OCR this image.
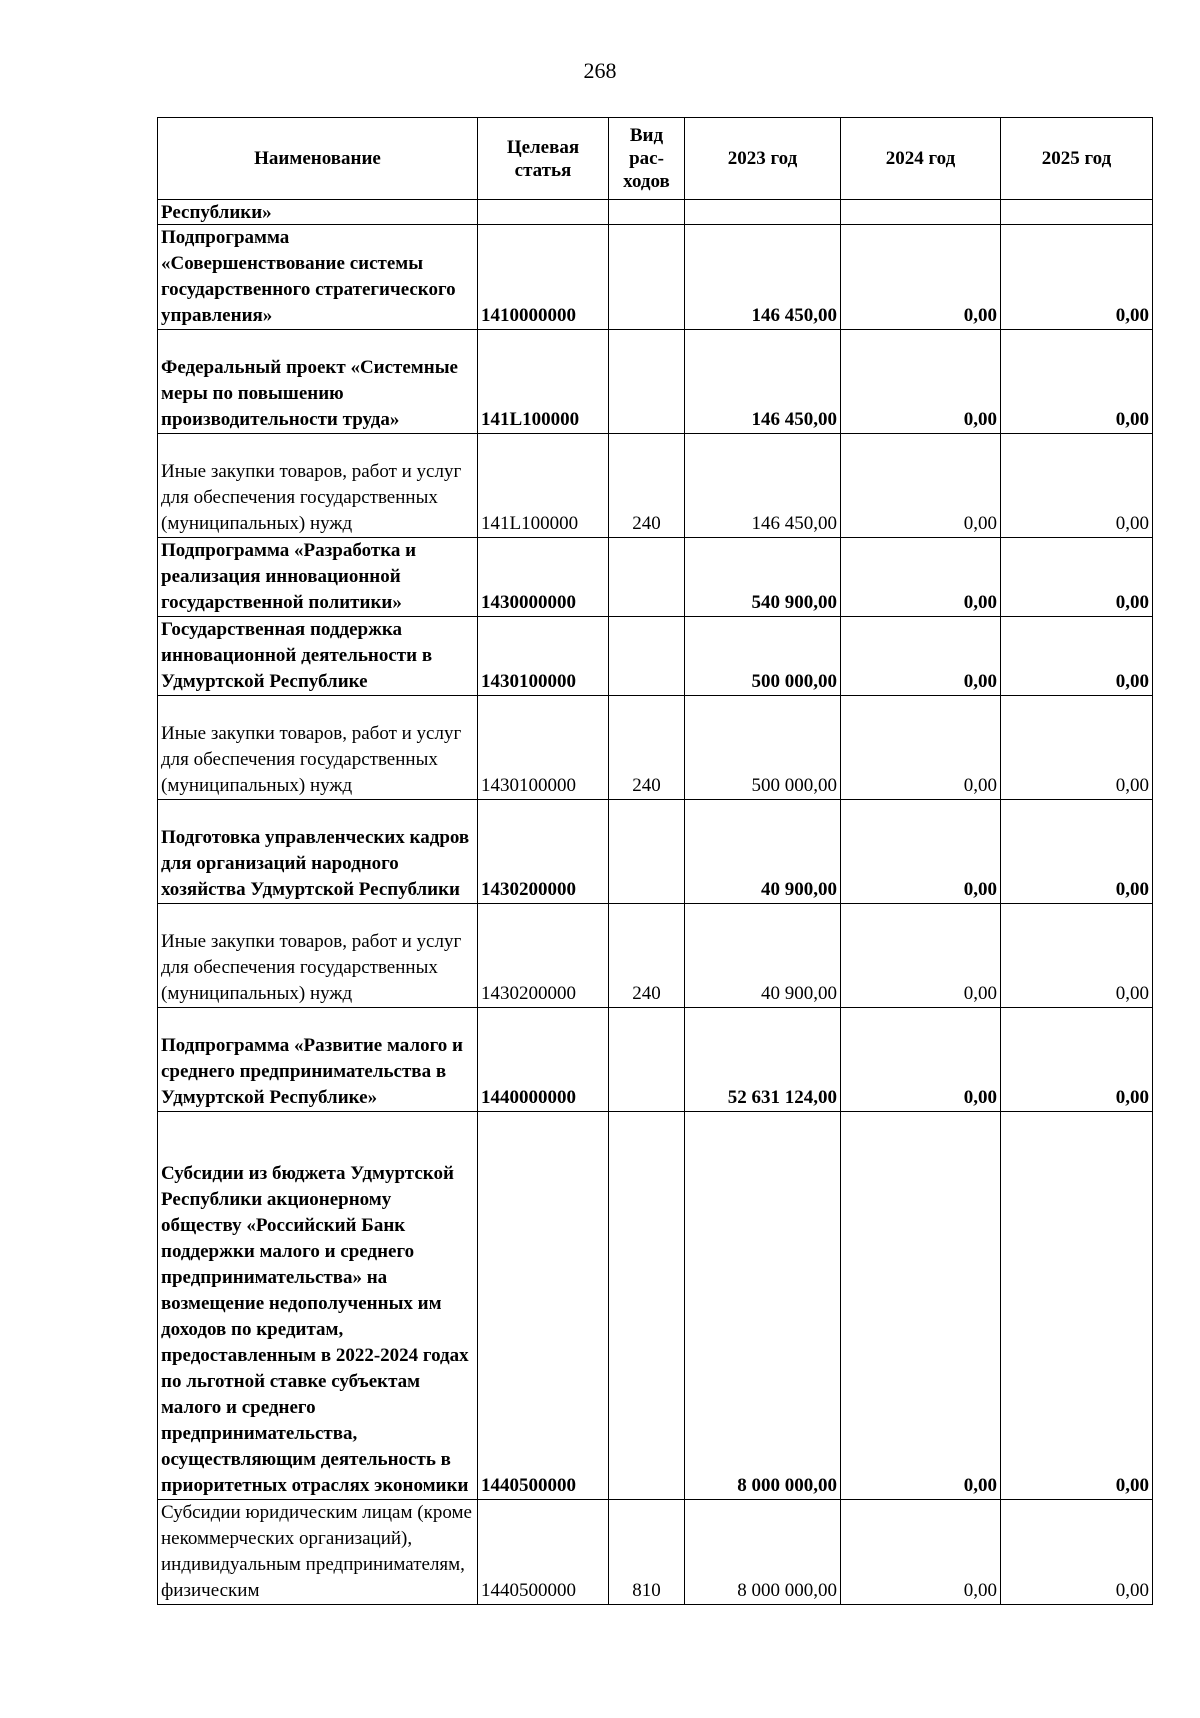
268
Наименование	Целевая статья	Вид рас-ходов	2023 год	2024 год	2025 год
Республики»					
Подпрограмма «Совершенствование системы государственного стратегического управления»	1410000000		146 450,00	0,00	0,00
Федеральный проект «Системные меры по повышению производительности труда»	141L100000		146 450,00	0,00	0,00
Иные закупки товаров, работ и услуг для обеспечения государственных (муниципальных) нужд	141L100000	240	146 450,00	0,00	0,00
Подпрограмма «Разработка и реализация инновационной государственной политики»	1430000000		540 900,00	0,00	0,00
Государственная поддержка инновационной деятельности в Удмуртской Республике	1430100000		500 000,00	0,00	0,00
Иные закупки товаров, работ и услуг для обеспечения государственных (муниципальных) нужд	1430100000	240	500 000,00	0,00	0,00
Подготовка управленческих кадров для организаций народного хозяйства Удмуртской Республики	1430200000		40 900,00	0,00	0,00
Иные закупки товаров, работ и услуг для обеспечения государственных (муниципальных) нужд	1430200000	240	40 900,00	0,00	0,00
Подпрограмма «Развитие малого и среднего предпринимательства в Удмуртской Республике»	1440000000		52 631 124,00	0,00	0,00
Субсидии из бюджета Удмуртской Республики акционерному обществу «Российский Банк поддержки малого и среднего предпринимательства» на возмещение недополученных им доходов по кредитам, предоставленным в 2022-2024 годах по льготной ставке субъектам малого и среднего предпринимательства, осуществляющим деятельность в приоритетных отраслях экономики	1440500000		8 000 000,00	0,00	0,00
Субсидии юридическим лицам (кроме некоммерческих организаций), индивидуальным предпринимателям, физическим	1440500000	810	8 000 000,00	0,00	0,00
